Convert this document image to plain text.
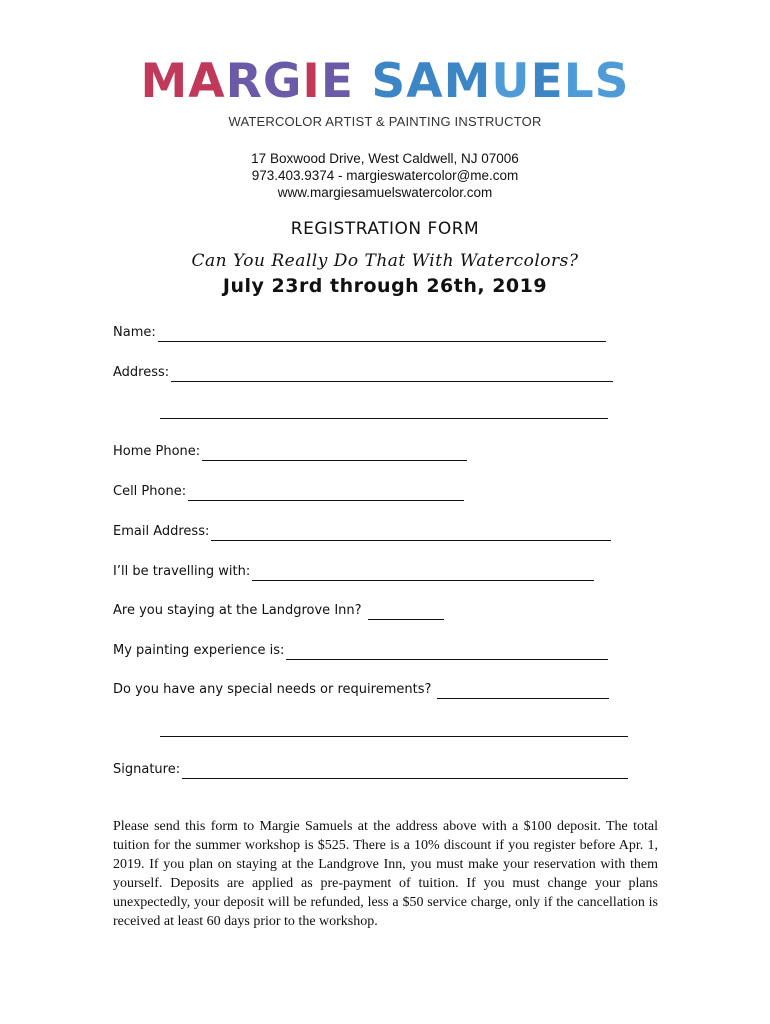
MARGIE SAMUELS
WATERCOLOR ARTIST & PAINTING INSTRUCTOR
17 Boxwood Drive, West Caldwell, NJ 07006
973.403.9374 - margieswatercolor@me.com
www.margiesamuelswatercolor.com
REGISTRATION FORM
Can You Really Do That With Watercolors?
July 23rd through 26th, 2019
Name:
Address:
Home Phone:
Cell Phone:
Email Address:
I’ll be travelling with:
Are you staying at the Landgrove Inn?
My painting experience is:
Do you have any special needs or requirements?
Signature:
Please send this form to Margie Samuels at the address above with a $100 deposit. The total tuition for the summer workshop is $525. There is a 10% discount if you register before Apr. 1, 2019. If you plan on staying at the Landgrove Inn, you must make your reservation with them yourself. Deposits are applied as pre-payment of tuition. If you must change your plans unexpectedly, your deposit will be refunded, less a $50 service charge, only if the cancellation is received at least 60 days prior to the workshop.
